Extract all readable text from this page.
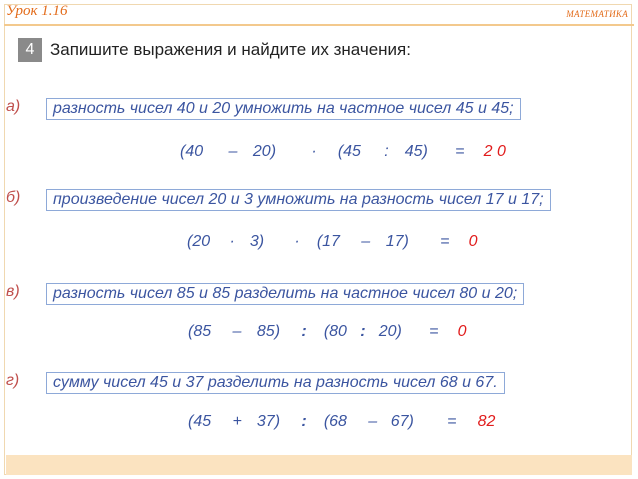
Урок 1.16	МАТЕМАТИКА
4 Запишите выражения и найдите их значения:
а)	разность чисел 40 и 20 умножить на частное чисел 45 и 45;
(40 – 20) · (45 : 45) = 2 0
б)	произведение чисел 20 и 3 умножить на разность чисел 17 и 17;
(20 · 3) · (17 – 17) = 0
в)	разность чисел 85 и 85 разделить на частное чисел 80 и 20;
(85 – 85) : (80 : 20) = 0
г)	сумму чисел 45 и 37 разделить на разность чисел 68 и 67.
(45 + 37) : (68 – 67) = 82
